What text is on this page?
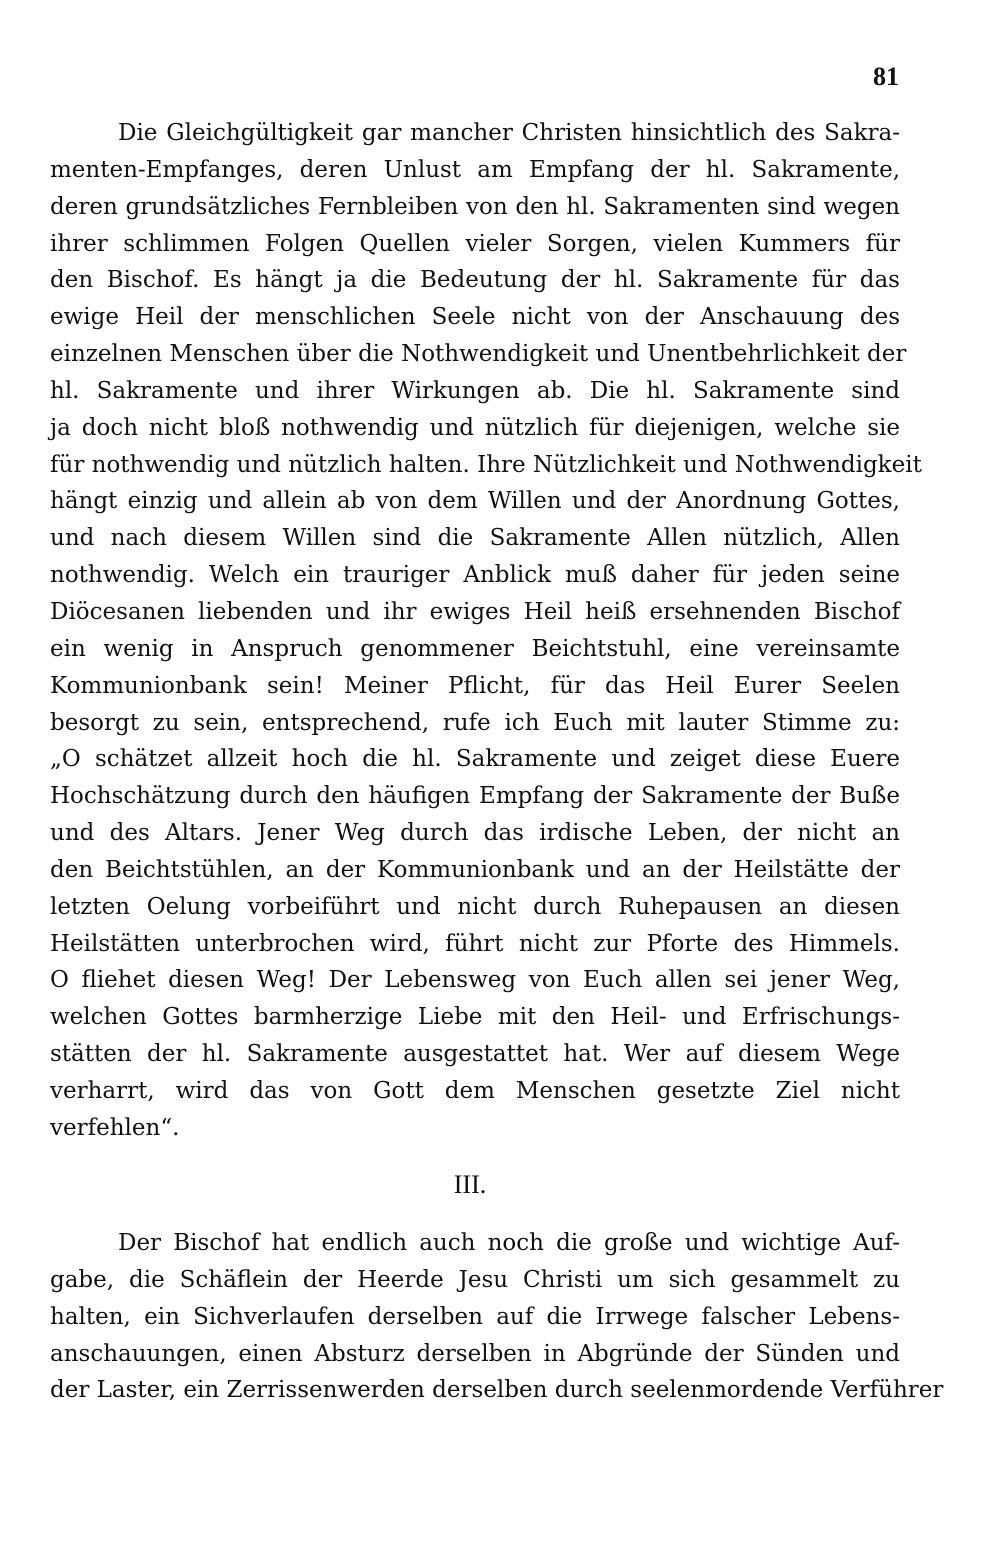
81
Die Gleichgültigkeit gar mancher Christen hinsichtlich des Sakra-
menten-Empfanges, deren Unlust am Empfang der hl. Sakramente,
deren grundsätzliches Fernbleiben von den hl. Sakramenten sind wegen
ihrer schlimmen Folgen Quellen vieler Sorgen, vielen Kummers für
den Bischof. Es hängt ja die Bedeutung der hl. Sakramente für das
ewige Heil der menschlichen Seele nicht von der Anschauung des
einzelnen Menschen über die Nothwendigkeit und Unentbehrlichkeit der
hl. Sakramente und ihrer Wirkungen ab. Die hl. Sakramente sind
ja doch nicht bloß nothwendig und nützlich für diejenigen, welche sie
für nothwendig und nützlich halten. Ihre Nützlichkeit und Nothwendigkeit
hängt einzig und allein ab von dem Willen und der Anordnung Gottes,
und nach diesem Willen sind die Sakramente Allen nützlich, Allen
nothwendig. Welch ein trauriger Anblick muß daher für jeden seine
Diöcesanen liebenden und ihr ewiges Heil heiß ersehnenden Bischof
ein wenig in Anspruch genommener Beichtstuhl, eine vereinsamte
Kommunionbank sein! Meiner Pflicht, für das Heil Eurer Seelen
besorgt zu sein, entsprechend, rufe ich Euch mit lauter Stimme zu:
„O schätzet allzeit hoch die hl. Sakramente und zeiget diese Euere
Hochschätzung durch den häufigen Empfang der Sakramente der Buße
und des Altars. Jener Weg durch das irdische Leben, der nicht an
den Beichtstühlen, an der Kommunionbank und an der Heilstätte der
letzten Oelung vorbeiführt und nicht durch Ruhepausen an diesen
Heilstätten unterbrochen wird, führt nicht zur Pforte des Himmels.
O fliehet diesen Weg! Der Lebensweg von Euch allen sei jener Weg,
welchen Gottes barmherzige Liebe mit den Heil- und Erfrischungs-
stätten der hl. Sakramente ausgestattet hat. Wer auf diesem Wege
verharrt, wird das von Gott dem Menschen gesetzte Ziel nicht
verfehlen“.
III.
Der Bischof hat endlich auch noch die große und wichtige Auf-
gabe, die Schäflein der Heerde Jesu Christi um sich gesammelt zu
halten, ein Sichverlaufen derselben auf die Irrwege falscher Lebens-
anschauungen, einen Absturz derselben in Abgründe der Sünden und
der Laster, ein Zerrissenwerden derselben durch seelenmordende Verführer
